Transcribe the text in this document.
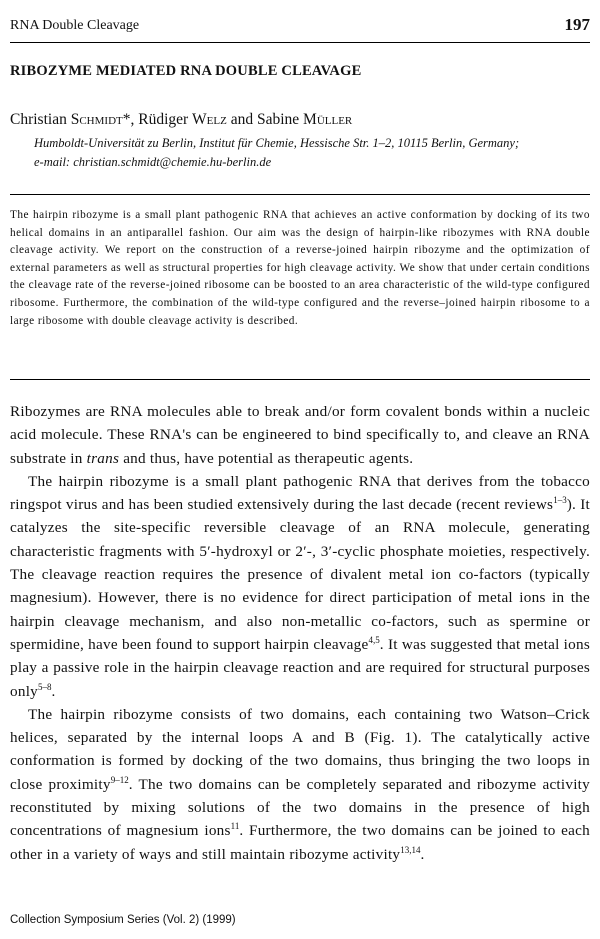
RNA Double Cleavage	197
RIBOZYME MEDIATED RNA DOUBLE CLEAVAGE
Christian Schmidt*, Rüdiger Welz and Sabine Müller
Humboldt-Universität zu Berlin, Institut für Chemie, Hessische Str. 1–2, 10115 Berlin, Germany;
e-mail: christian.schmidt@chemie.hu-berlin.de
The hairpin ribozyme is a small plant pathogenic RNA that achieves an active conformation by docking of its two helical domains in an antiparallel fashion. Our aim was the design of hairpin-like ribozymes with RNA double cleavage activity. We report on the construction of a reverse-joined hairpin ribozyme and the optimization of external parameters as well as structural properties for high cleavage activity. We show that under certain conditions the cleavage rate of the reverse-joined ribosome can be boosted to an area characteristic of the wild-type configured ribosome. Furthermore, the combination of the wild-type configured and the reverse–joined hairpin ribosome to a large ribosome with double cleavage activity is described.

Ribozymes are RNA molecules able to break and/or form covalent bonds within a nucleic acid molecule. These RNA's can be engineered to bind specifically to, and cleave an RNA substrate in trans and thus, have potential as therapeutic agents.

The hairpin ribozyme is a small plant pathogenic RNA that derives from the tobacco ringspot virus and has been studied extensively during the last decade (recent reviews$^{1-3}$). It catalyzes the site-specific reversible cleavage of an RNA molecule, generating characteristic fragments with 5′-hydroxyl or 2′-, 3′-cyclic phosphate moieties, respectively. The cleavage reaction requires the presence of divalent metal ion co-factors (typically magnesium). However, there is no evidence for direct participation of metal ions in the hairpin cleavage mechanism, and also non-metallic co-factors, such as spermine or spermidine, have been found to support hairpin cleavage$^{4,5}$. It was suggested that metal ions play a passive role in the hairpin cleavage reaction and are required for structural purposes only$^{5-8}$.

The hairpin ribozyme consists of two domains, each containing two Watson–Crick helices, separated by the internal loops A and B (Fig. 1). The catalytically active conformation is formed by docking of the two domains, thus bringing the two loops in close proximity$^{9-12}$. The two domains can be completely separated and ribozyme activity reconstituted by mixing solutions of the two domains in the presence of high concentrations of magnesium ions$^{11}$. Furthermore, the two domains can be joined to each other in a variety of ways and still maintain ribozyme activity$^{13,14}$.

Collection Symposium Series (Vol. 2) (1999)
